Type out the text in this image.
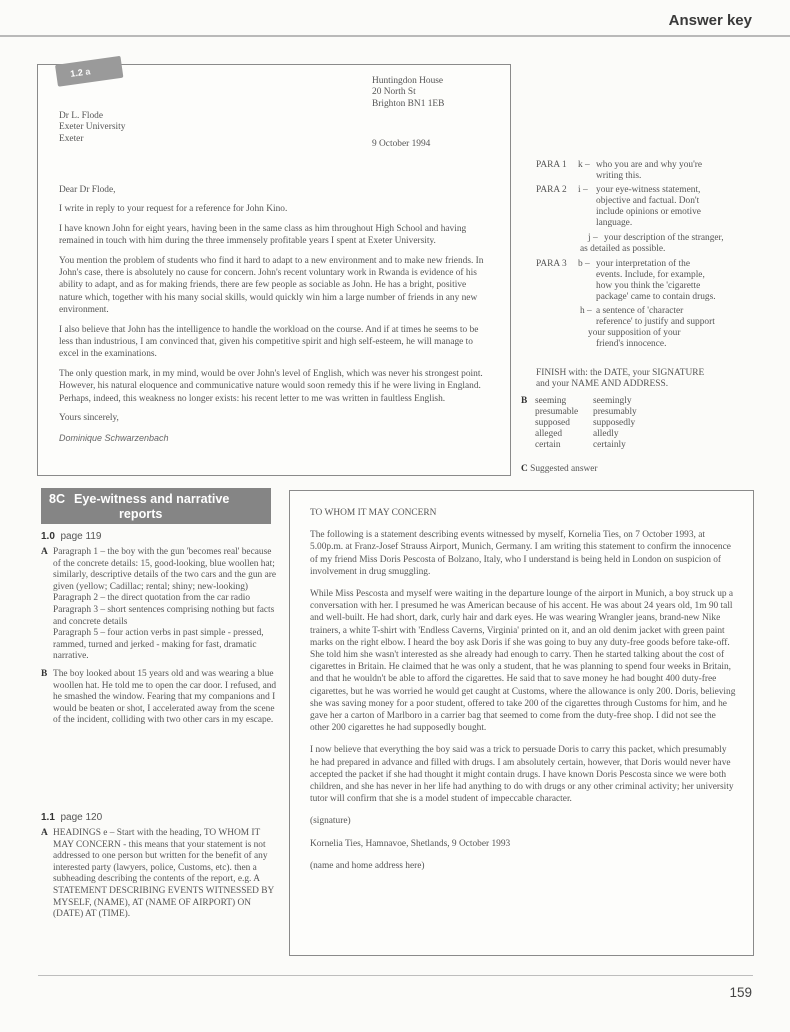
Answer key
1.2 a
Huntingdon House
20 North St
Brighton BN1 1EB
Dr L. Flode
Exeter University
Exeter
9 October 1994

Dear Dr Flode,

I write in reply to your request for a reference for John Kino.

I have known John for eight years, having been in the same class as him throughout High School and having remained in touch with him during the three immensely profitable years I spent at Exeter University.

You mention the problem of students who find it hard to adapt to a new environment and to make new friends. In John's case, there is absolutely no cause for concern. John's recent voluntary work in Rwanda is evidence of his ability to adapt, and as for making friends, there are few people as sociable as John. He has a bright, positive nature which, together with his many social skills, would quickly win him a large number of friends in any new environment.

I also believe that John has the intelligence to handle the workload on the course. And if at times he seems to be less than industrious, I am convinced that, given his competitive spirit and high self-esteem, he will manage to excel in the examinations.

The only question mark, in my mind, would be over John's level of English, which was never his strongest point. However, his natural eloquence and communicative nature would soon remedy this if he were living in England. Perhaps, indeed, this weakness no longer exists: his recent letter to me was written in faultless English.

Yours sincerely,

Dominique Schwarzenbach

PARA 1 k – who you are and why you're
writing this.
PARA 2 i – your eye-witness statement,
objective and factual. Don't
include opinions or emotive
language.
j – your description of the stranger,
as detailed as possible.
PARA 3 b – your interpretation of the
events. Include, for example,
how you think the 'cigarette
package' came to contain drugs.
h – a sentence of 'character
reference' to justify and support
your supposition of your
friend's innocence.
FINISH with: the DATE, your SIGNATURE
and your NAME AND ADDRESS.
B seeming	seemingly
presumable presumably
supposed supposedly
alleged	alledly
certain	certainly
C Suggested answer
8C Eye-witness and narrative
reports
1.0 page 119
A Paragraph 1 – the boy with the gun 'becomes real' because of the concrete details: 15, good-looking, blue woollen hat; similarly, descriptive details of the two cars and the gun are given (yellow; Cadillac; rental; shiny; new-looking)

Paragraph 2 – the direct quotation from the car radio

Paragraph 3 – short sentences comprising nothing but facts and concrete details

Paragraph 5 – four action verbs in past simple - pressed, rammed, turned and jerked - making for fast, dramatic narrative.

B The boy looked about 15 years old and was wearing a blue woollen hat. He told me to open the car door. I refused, and he smashed the window. Fearing that my companions and I would be beaten or shot, I accelerated away from the scene of the incident, colliding with two other cars in my escape.

1.1 page 120
A HEADINGS e – Start with the heading, TO WHOM IT MAY CONCERN - this means that your statement is not addressed to one person but written for the benefit of any interested party (lawyers, police, Customs, etc). then a subheading describing the contents of the report, e.g. A STATEMENT DESCRIBING EVENTS WITNESSED BY MYSELF, (NAME), AT (NAME OF AIRPORT) ON (DATE) AT (TIME).

TO WHOM IT MAY CONCERN

The following is a statement describing events witnessed by myself, Kornelia Ties, on 7 October 1993, at 5.00p.m. at Franz-Josef Strauss Airport, Munich, Germany. I am writing this statement to confirm the innocence of my friend Miss Doris Pescosta of Bolzano, Italy, who I understand is being held in London on suspicion of involvement in drug smuggling.

While Miss Pescosta and myself were waiting in the departure lounge of the airport in Munich, a boy struck up a conversation with her. I presumed he was American because of his accent. He was about 24 years old, 1m 90 tall and well-built. He had short, dark, curly hair and dark eyes. He was wearing Wrangler jeans, brand-new Nike trainers, a white T-shirt with 'Endless Caverns, Virginia' printed on it, and an old denim jacket with green paint marks on the right elbow. I heard the boy ask Doris if she was going to buy any duty-free goods before take-off. She told him she wasn't interested as she already had enough to carry. Then he started talking about the cost of cigarettes in Britain. He claimed that he was only a student, that he was planning to spend four weeks in Britain, and that he wouldn't be able to afford the cigarettes. He said that to save money he had bought 400 duty-free cigarettes, but he was worried he would get caught at Customs, where the allowance is only 200. Doris, believing she was saving money for a poor student, offered to take 200 of the cigarettes through Customs for him, and he gave her a carton of Marlboro in a carrier bag that seemed to come from the duty-free shop. I did not see the other 200 cigarettes he had supposedly bought.

I now believe that everything the boy said was a trick to persuade Doris to carry this packet, which presumably he had prepared in advance and filled with drugs. I am absolutely certain, however, that Doris would never have accepted the packet if she had thought it might contain drugs. I have known Doris Pescosta since we were both children, and she has never in her life had anything to do with drugs or any other criminal activity; her university tutor will confirm that she is a model student of impeccable character.

(signature)

Kornelia Ties, Hamnavoe, Shetlands, 9 October 1993

(name and home address here)

159
